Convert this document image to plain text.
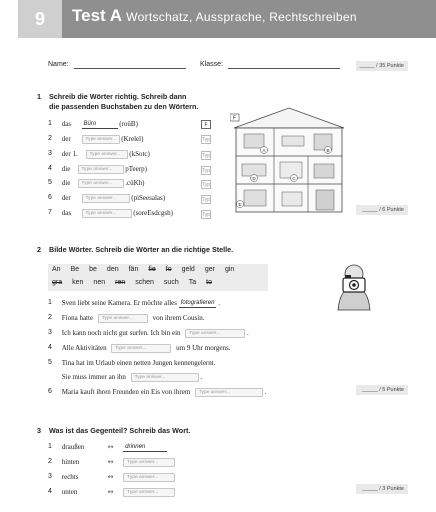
9	Test A Wortschatz, Aussprache, Rechtschreiben
Name:	Klasse:	_____ / 35 Punkte
1 Schreib die Wörter richtig. Schreib dann
die passenden Buchstaben zu den Wörtern.
1 das Büro	(roüB)	F
2 der	Type answer... (Krelel)	Typ
3 der 1. Type answer... (kSotc)	Typ
4 die Type answer... pTeerp)	Typ
5 die Type answer... .cüKh)	Typ
6 der	Type answer... (piSeesalas)	Typ
7 das	Type answer... (soreEsdcgsh)	Typ
F
A	B
C
D
E
_____ / 6 Punkte
2 Bilde Wörter. Schreib die Wörter an die richtige Stelle.
An Be be den fän fie fo geld ger gin
gra ken nen ren schen such Ta to
1 Sven liebt seine Kamera. Er möchte alles fotografieren .
2 Fiona hatte Type answer...	von ihrem Cousin.
3 Ich kann noch nicht gut surfen. Ich bin ein Type answer...	.
4 Alle Aktivitäten Type answer...	um 9 Uhr morgens.
5 Tina hat im Urlaub einen netten Jungen kennengelernt.
Sie muss immer an ihn Type answer...	.
6 Maria kauft ihren Freunden ein Eis von ihrem Type answer...	.	_____ / 5 Punkte
3 Was ist das Gegenteil? Schreib das Wort.
1 draußen	↔ drinnen
2 hinten	↔	Type answer...
3 rechts	↔	Type answer...
4 unten	↔	Type answer...
_____ / 3 Punkte
